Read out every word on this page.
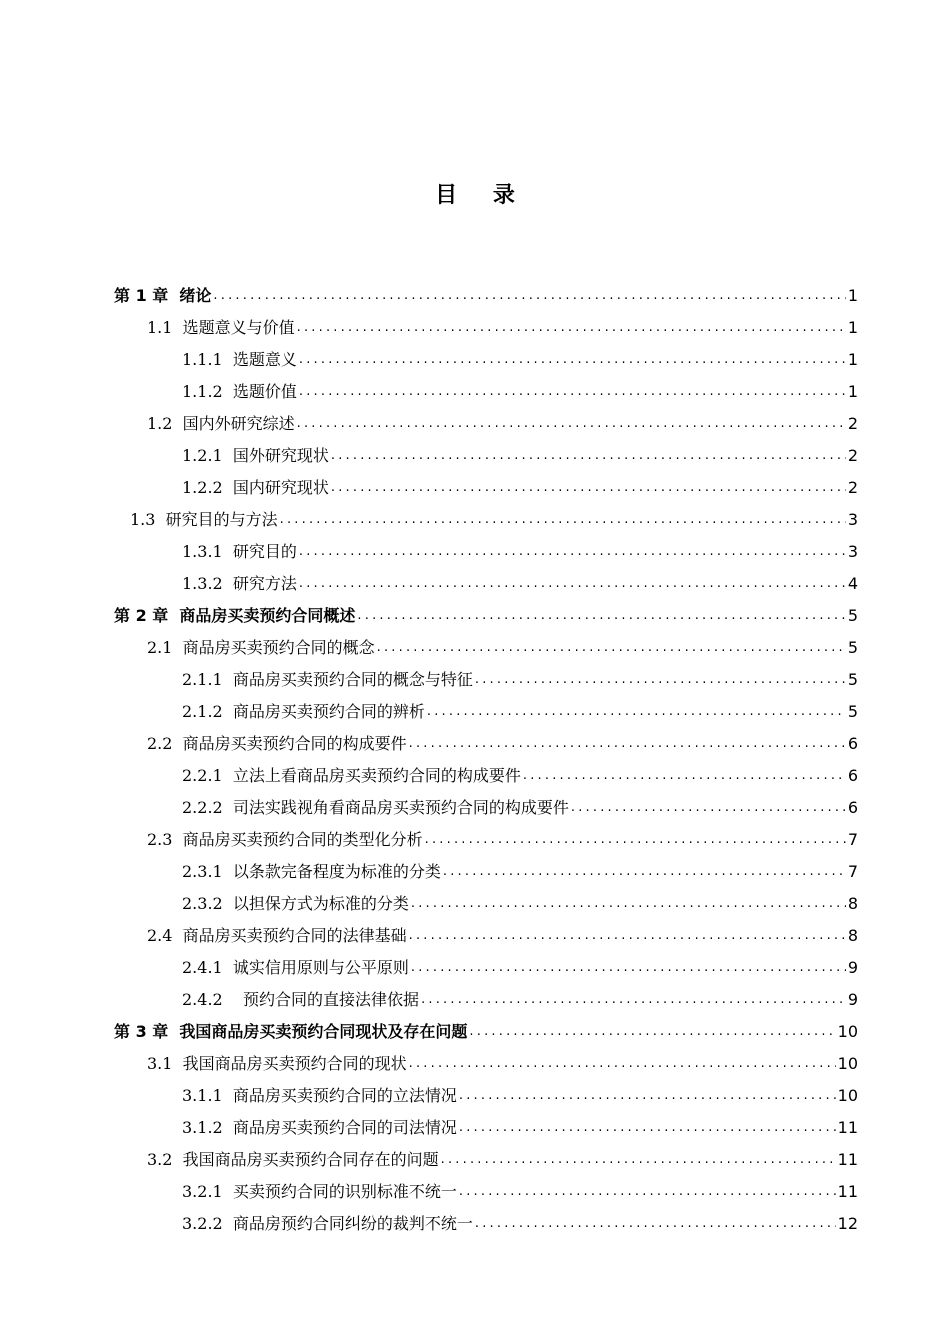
目 录
第 1 章  绪论 .....	1
1.1  选题意义与价值 .....	1
1.1.1  选题意义 .....	1
1.1.2  选题价值 .....	1
1.2  国内外研究综述 .....	2
1.2.1  国外研究现状 .....	2
1.2.2  国内研究现状 .....	2
1.3  研究目的与方法 .....	3
1.3.1  研究目的 .....	3
1.3.2  研究方法 .....	4
第 2 章  商品房买卖预约合同概述 .....	5
2.1  商品房买卖预约合同的概念 .....	5
2.1.1  商品房买卖预约合同的概念与特征 .....	5
2.1.2  商品房买卖预约合同的辨析 .....	5
2.2  商品房买卖预约合同的构成要件 .....	6
2.2.1  立法上看商品房买卖预约合同的构成要件 .....	6
2.2.2  司法实践视角看商品房买卖预约合同的构成要件 .....	6
2.3  商品房买卖预约合同的类型化分析 .....	7
2.3.1  以条款完备程度为标准的分类 .....	7
2.3.2  以担保方式为标准的分类 .....	8
2.4  商品房买卖预约合同的法律基础 .....	8
2.4.1  诚实信用原则与公平原则 .....	9
2.4.2    预约合同的直接法律依据 .....	9
第 3 章  我国商品房买卖预约合同现状及存在问题 .....	10
3.1  我国商品房买卖预约合同的现状 .....	10
3.1.1  商品房买卖预约合同的立法情况 .....	10
3.1.2  商品房买卖预约合同的司法情况 .....	11
3.2  我国商品房买卖预约合同存在的问题 .....	11
3.2.1  买卖预约合同的识别标准不统一 .....	11
3.2.2  商品房预约合同纠纷的裁判不统一 .....	12
